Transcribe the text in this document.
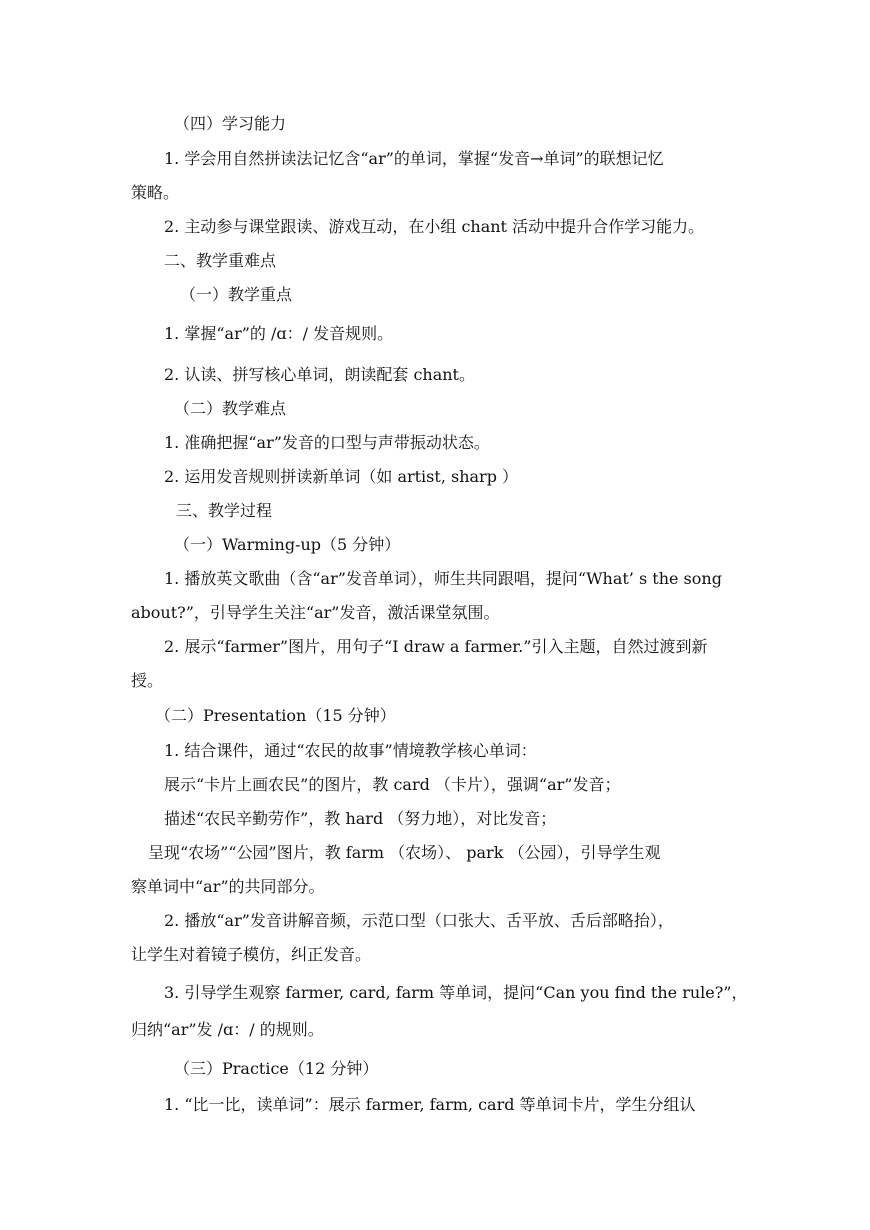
（四）学习能力
1. 学会用自然拼读法记忆含“ar”的单词，掌握“发音→单词”的联想记忆
策略。
2. 主动参与课堂跟读、游戏互动，在小组 chant 活动中提升合作学习能力。
二、教学重难点
（一）教学重点
1. 掌握“ar”的 /ɑ：/ 发音规则。
2. 认读、拼写核心单词，朗读配套 chant。
（二）教学难点
1. 准确把握“ar”发音的口型与声带振动状态。
2. 运用发音规则拼读新单词（如 artist, sharp ）
三、教学过程
（一）Warming-up（5 分钟）
1. 播放英文歌曲（含“ar”发音单词），师生共同跟唱，提问“What’ s the song
about?”，引导学生关注“ar”发音，激活课堂氛围。
2. 展示“farmer”图片，用句子“I draw a farmer.”引入主题，自然过渡到新
授。
（二）Presentation（15 分钟）
1. 结合课件，通过“农民的故事”情境教学核心单词：
展示“卡片上画农民”的图片，教 card （卡片），强调“ar”发音；
描述“农民辛勤劳作”，教 hard （努力地），对比发音；
呈现“农场”“公园”图片，教 farm （农场）、 park （公园），引导学生观
察单词中“ar”的共同部分。
2. 播放“ar”发音讲解音频，示范口型（口张大、舌平放、舌后部略抬），
让学生对着镜子模仿，纠正发音。
3. 引导学生观察 farmer, card, farm 等单词，提问“Can you find the rule?”，
归纳“ar”发 /ɑ：/ 的规则。
（三）Practice（12 分钟）
1. “比一比，读单词”：展示 farmer, farm, card 等单词卡片，学生分组认
